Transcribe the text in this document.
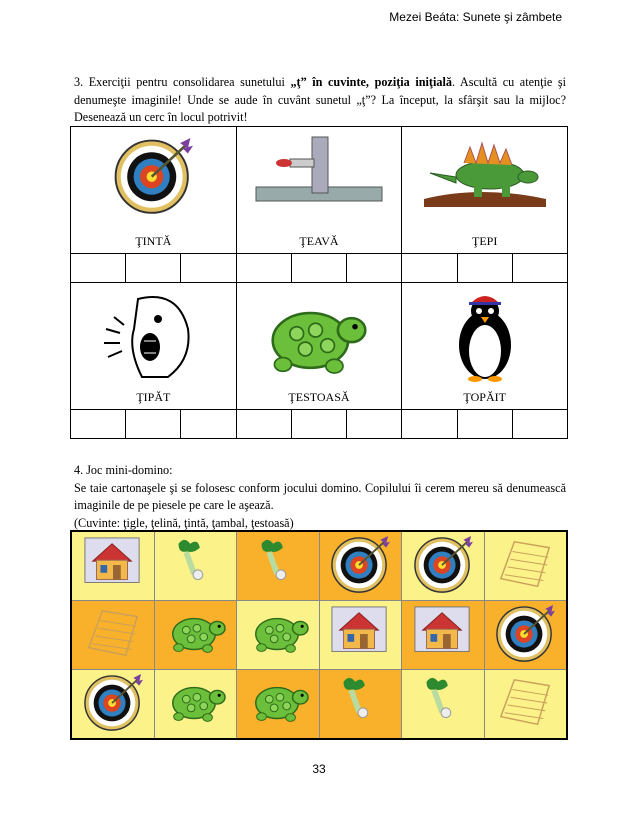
Mezei Beáta: Sunete şi zâmbete
3. Exerciţii pentru consolidarea sunetului „ţ” în cuvinte, poziţia iniţială. Ascultă cu atenţie şi denumeşte imaginile! Unde se aude în cuvânt sunetul „ţ”? La început, la sfârşit sau la mijloc? Desenează un cerc în locul potrivit!
ŢINTĂ			ŢEAVĂ			ŢEPI		

ŢIPĂT			ŢESTOASĂ			ŢOPĂIT		

4. Joc mini-domino:
Se taie cartonaşele şi se folosesc conform jocului domino. Copilului îi cerem mereu să denumească imaginile de pe piesele pe care le aşează.
(Cuvinte: ţigle, ţelină, ţintă, ţambal, ţestoasă)

33
